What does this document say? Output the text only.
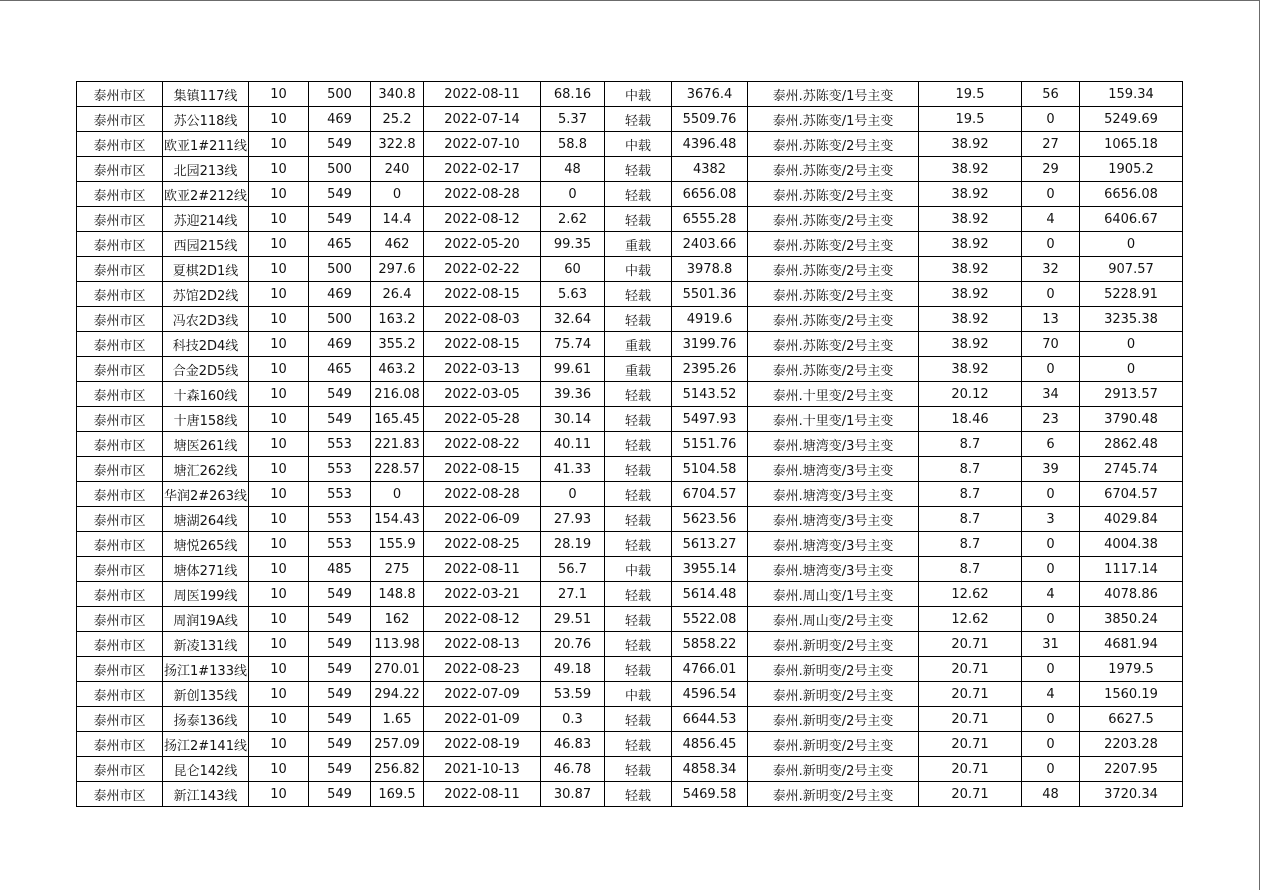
泰州市区	集镇117线	10	500	340.8	2022-08-11	68.16	中载	3676.4	泰州.苏陈变/1号主变	19.5	56	159.34
泰州市区	苏公118线	10	469	25.2	2022-07-14	5.37	轻载	5509.76	泰州.苏陈变/1号主变	19.5	0	5249.69
泰州市区	欧亚1#211线	10	549	322.8	2022-07-10	58.8	中载	4396.48	泰州.苏陈变/2号主变	38.92	27	1065.18
泰州市区	北园213线	10	500	240	2022-02-17	48	轻载	4382	泰州.苏陈变/2号主变	38.92	29	1905.2
泰州市区	欧亚2#212线	10	549	0	2022-08-28	0	轻载	6656.08	泰州.苏陈变/2号主变	38.92	0	6656.08
泰州市区	苏迎214线	10	549	14.4	2022-08-12	2.62	轻载	6555.28	泰州.苏陈变/2号主变	38.92	4	6406.67
泰州市区	西园215线	10	465	462	2022-05-20	99.35	重载	2403.66	泰州.苏陈变/2号主变	38.92	0	0
泰州市区	夏棋2D1线	10	500	297.6	2022-02-22	60	中载	3978.8	泰州.苏陈变/2号主变	38.92	32	907.57
泰州市区	苏馆2D2线	10	469	26.4	2022-08-15	5.63	轻载	5501.36	泰州.苏陈变/2号主变	38.92	0	5228.91
泰州市区	冯农2D3线	10	500	163.2	2022-08-03	32.64	轻载	4919.6	泰州.苏陈变/2号主变	38.92	13	3235.38
泰州市区	科技2D4线	10	469	355.2	2022-08-15	75.74	重载	3199.76	泰州.苏陈变/2号主变	38.92	70	0
泰州市区	合金2D5线	10	465	463.2	2022-03-13	99.61	重载	2395.26	泰州.苏陈变/2号主变	38.92	0	0
泰州市区	十森160线	10	549	216.08	2022-03-05	39.36	轻载	5143.52	泰州.十里变/2号主变	20.12	34	2913.57
泰州市区	十唐158线	10	549	165.45	2022-05-28	30.14	轻载	5497.93	泰州.十里变/1号主变	18.46	23	3790.48
泰州市区	塘医261线	10	553	221.83	2022-08-22	40.11	轻载	5151.76	泰州.塘湾变/3号主变	8.7	6	2862.48
泰州市区	塘汇262线	10	553	228.57	2022-08-15	41.33	轻载	5104.58	泰州.塘湾变/3号主变	8.7	39	2745.74
泰州市区	华润2#263线	10	553	0	2022-08-28	0	轻载	6704.57	泰州.塘湾变/3号主变	8.7	0	6704.57
泰州市区	塘湖264线	10	553	154.43	2022-06-09	27.93	轻载	5623.56	泰州.塘湾变/3号主变	8.7	3	4029.84
泰州市区	塘悦265线	10	553	155.9	2022-08-25	28.19	轻载	5613.27	泰州.塘湾变/3号主变	8.7	0	4004.38
泰州市区	塘体271线	10	485	275	2022-08-11	56.7	中载	3955.14	泰州.塘湾变/3号主变	8.7	0	1117.14
泰州市区	周医199线	10	549	148.8	2022-03-21	27.1	轻载	5614.48	泰州.周山变/1号主变	12.62	4	4078.86
泰州市区	周润19A线	10	549	162	2022-08-12	29.51	轻载	5522.08	泰州.周山变/2号主变	12.62	0	3850.24
泰州市区	新凌131线	10	549	113.98	2022-08-13	20.76	轻载	5858.22	泰州.新明变/2号主变	20.71	31	4681.94
泰州市区	扬江1#133线	10	549	270.01	2022-08-23	49.18	轻载	4766.01	泰州.新明变/2号主变	20.71	0	1979.5
泰州市区	新创135线	10	549	294.22	2022-07-09	53.59	中载	4596.54	泰州.新明变/2号主变	20.71	4	1560.19
泰州市区	扬泰136线	10	549	1.65	2022-01-09	0.3	轻载	6644.53	泰州.新明变/2号主变	20.71	0	6627.5
泰州市区	扬江2#141线	10	549	257.09	2022-08-19	46.83	轻载	4856.45	泰州.新明变/2号主变	20.71	0	2203.28
泰州市区	昆仑142线	10	549	256.82	2021-10-13	46.78	轻载	4858.34	泰州.新明变/2号主变	20.71	0	2207.95
泰州市区	新江143线	10	549	169.5	2022-08-11	30.87	轻载	5469.58	泰州.新明变/2号主变	20.71	48	3720.34
